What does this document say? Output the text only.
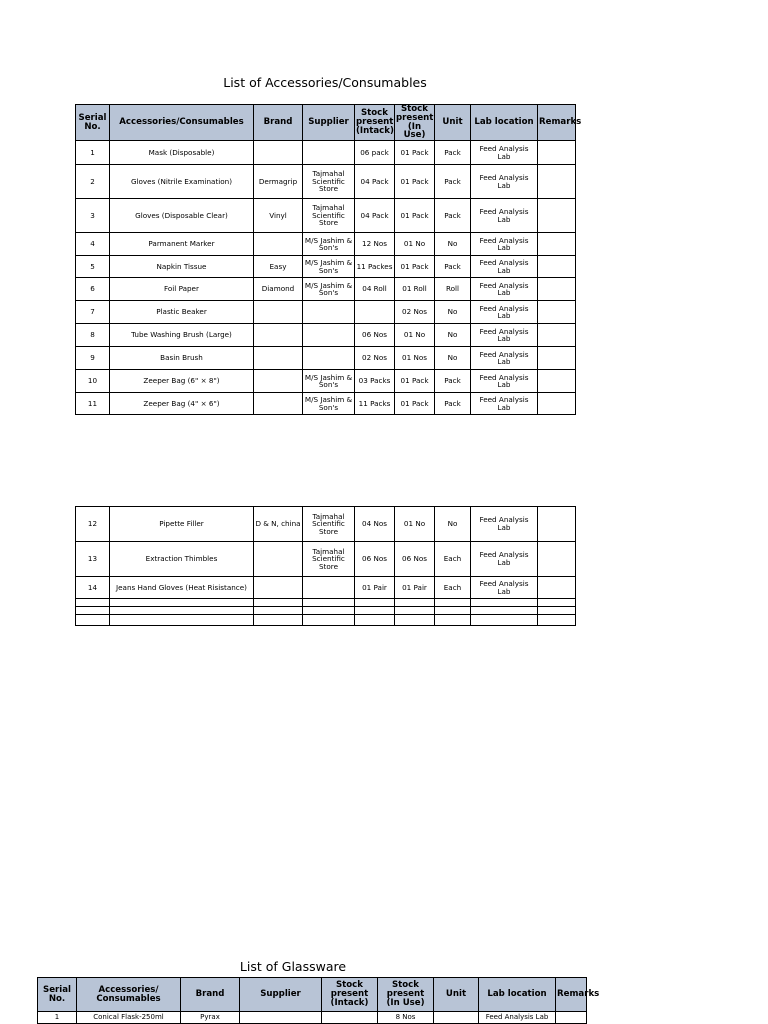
List of Accessories/Consumables
Serial No.	Accessories/Consumables	Brand	Supplier	Stock present (Intack)	Stock present (In Use)	Unit	Lab location	Remarks
1	Mask (Disposable)			06 pack	01 Pack	Pack	Feed Analysis Lab	
2	Gloves (Nitrile Examination)	Dermagrip	Tajmahal Scientific Store	04 Pack	01 Pack	Pack	Feed Analysis Lab	
3	Gloves (Disposable Clear)	Vinyl	Tajmahal Scientific Store	04 Pack	01 Pack	Pack	Feed Analysis Lab	
4	Parmanent Marker		M/S Jashim & Son's	12 Nos	01 No	No	Feed Analysis Lab	
5	Napkin Tissue	Easy	M/S Jashim & Son's	11 Packes	01 Pack	Pack	Feed Analysis Lab	
6	Foil Paper	Diamond	M/S Jashim & Son's	04 Roll	01 Roll	Roll	Feed Analysis Lab	
7	Plastic Beaker				02 Nos	No	Feed Analysis Lab	
8	Tube Washing Brush (Large)			06 Nos	01 No	No	Feed Analysis Lab	
9	Basin Brush			02 Nos	01 Nos	No	Feed Analysis Lab	
10	Zeeper Bag (6" × 8")		M/S Jashim & Son's	03 Packs	01 Pack	Pack	Feed Analysis Lab	
11	Zeeper Bag (4" × 6")		M/S Jashim & Son's	11 Packs	01 Pack	Pack	Feed Analysis Lab	
12	Pipette Filler	D & N, china	Tajmahal Scientific Store	04 Nos	01 No	No	Feed Analysis Lab	
13	Extraction Thimbles		Tajmahal Scientific Store	06 Nos	06 Nos	Each	Feed Analysis Lab	
14	Jeans Hand Gloves (Heat Risistance)			01 Pair	01 Pair	Each	Feed Analysis Lab	

List of Glassware
Serial No.	Accessories/ Consumables	Brand	Supplier	Stock present (Intack)	Stock present (In Use)	Unit	Lab location	Remarks
1	Conical Flask-250ml	Pyrax			8 Nos		Feed Analysis Lab	
